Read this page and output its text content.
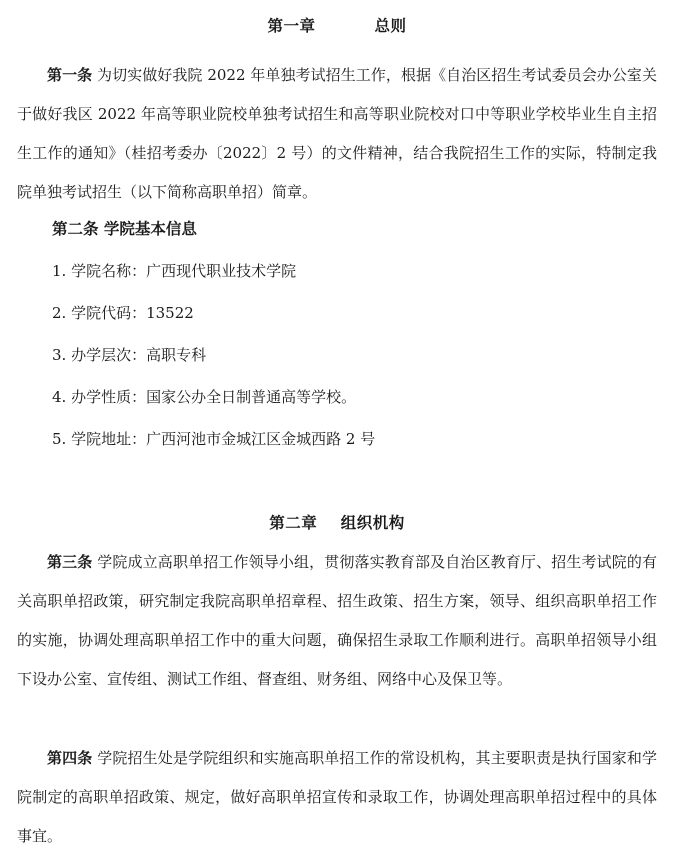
第一章          总则

第一条 为切实做好我院 2022 年单独考试招生工作，根据《自治区招生考试委员会办公室关于做好我区 2022 年高等职业院校单独考试招生和高等职业院校对口中等职业学校毕业生自主招生工作的通知》（桂招考委办〔2022〕2 号）的文件精神，结合我院招生工作的实际，特制定我院单独考试招生（以下简称高职单招）简章。

第二条 学院基本信息
1. 学院名称：广西现代职业技术学院
2. 学院代码：13522
3. 办学层次：高职专科
4. 办学性质：国家公办全日制普通高等学校。
5. 学院地址：广西河池市金城江区金城西路 2 号
第二章    组织机构

第三条 学院成立高职单招工作领导小组，贯彻落实教育部及自治区教育厅、招生考试院的有关高职单招政策，研究制定我院高职单招章程、招生政策、招生方案，领导、组织高职单招工作的实施，协调处理高职单招工作中的重大问题，确保招生录取工作顺利进行。高职单招领导小组下设办公室、宣传组、测试工作组、督查组、财务组、网络中心及保卫等。

第四条 学院招生处是学院组织和实施高职单招工作的常设机构，其主要职责是执行国家和学院制定的高职单招政策、规定，做好高职单招宣传和录取工作，协调处理高职单招过程中的具体事宜。
